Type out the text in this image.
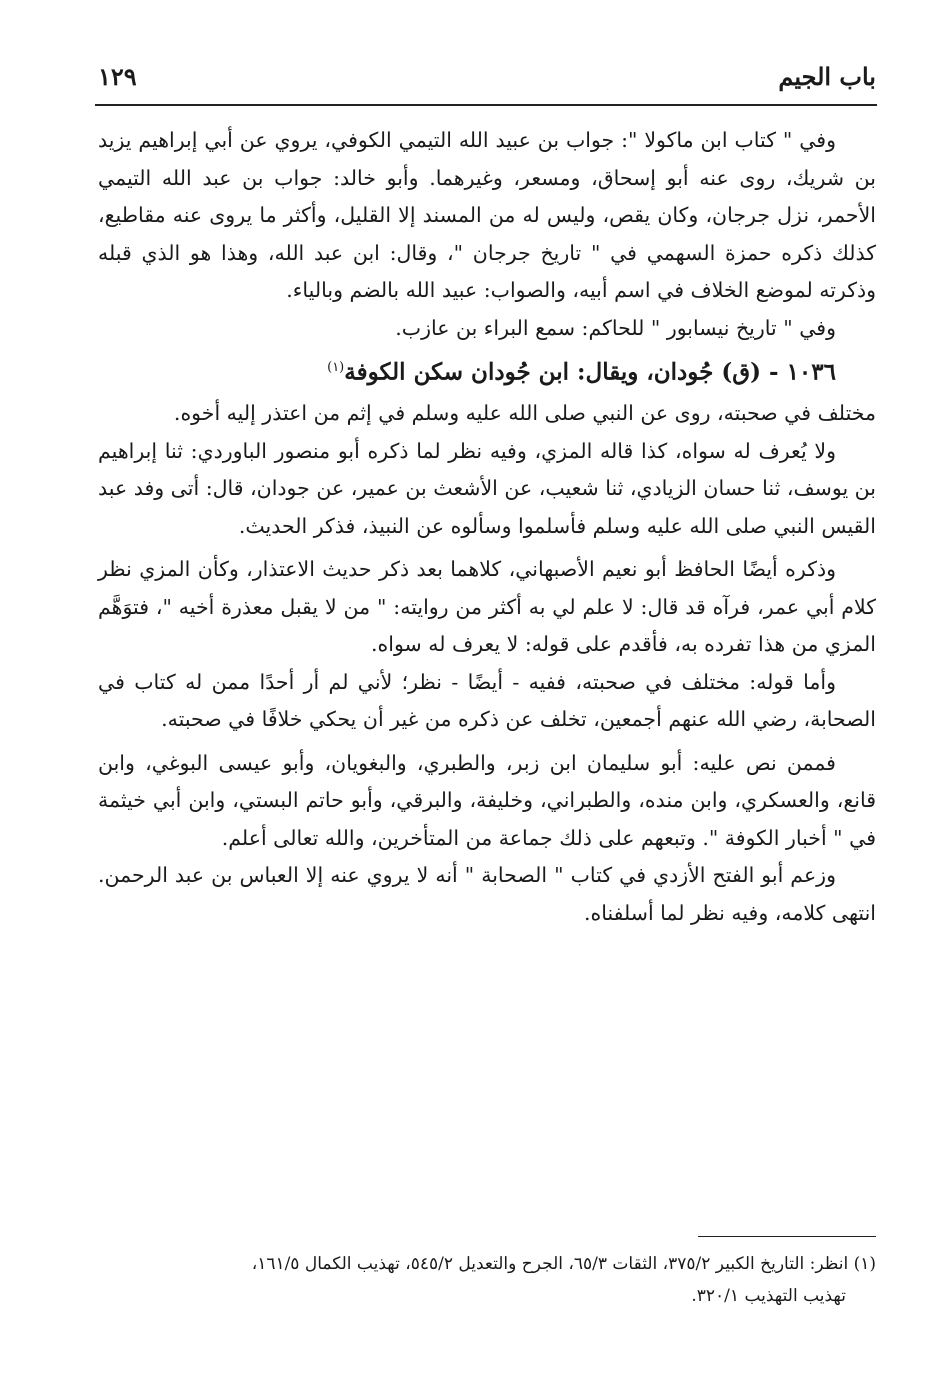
باب الجيم
١٢٩

وفي " كتاب ابن ماكولا ": جواب بن عبيد الله التيمي الكوفي، يروي عن أبي إبراهيم يزيد بن شريك، روى عنه أبو إسحاق، ومسعر، وغيرهما. وأبو خالد: جواب بن عبد الله التيمي الأحمر، نزل جرجان، وكان يقص، وليس له من المسند إلا القليل، وأكثر ما يروى عنه مقاطيع، كذلك ذكره حمزة السهمي في " تاريخ جرجان "، وقال: ابن عبد الله، وهذا هو الذي قبله وذكرته لموضع الخلاف في اسم أبيه، والصواب: عبيد الله بالضم وبالياء.

وفي " تاريخ نيسابور " للحاكم: سمع البراء بن عازب.

١٠٣٦ - (ق) جُودان، ويقال: ابن جُودان سكن الكوفة$^{(١)}$

مختلف في صحبته، روى عن النبي صلى الله عليه وسلم في إثم من اعتذر إليه أخوه.

ولا يُعرف له سواه، كذا قاله المزي، وفيه نظر لما ذكره أبو منصور الباوردي: ثنا إبراهيم بن يوسف، ثنا حسان الزيادي، ثنا شعيب، عن الأشعث بن عمير، عن جودان، قال: أتى وفد عبد القيس النبي صلى الله عليه وسلم فأسلموا وسألوه عن النبيذ، فذكر الحديث.

وذكره أيضًا الحافظ أبو نعيم الأصبهاني، كلاهما بعد ذكر حديث الاعتذار، وكأن المزي نظر كلام أبي عمر، فرآه قد قال: لا علم لي به أكثر من روايته: " من لا يقبل معذرة أخيه "، فتوَهَّم المزي من هذا تفرده به، فأقدم على قوله: لا يعرف له سواه.

وأما قوله: مختلف في صحبته، ففيه - أيضًا - نظر؛ لأني لم أر أحدًا ممن له كتاب في الصحابة، رضي الله عنهم أجمعين، تخلف عن ذكره من غير أن يحكي خلافًا في صحبته.

فممن نص عليه: أبو سليمان ابن زبر، والطبري، والبغويان، وأبو عيسى البوغي، وابن قانع، والعسكري، وابن منده، والطبراني، وخليفة، والبرقي، وأبو حاتم البستي، وابن أبي خيثمة في " أخبار الكوفة ". وتبعهم على ذلك جماعة من المتأخرين، والله تعالى أعلم.

وزعم أبو الفتح الأزدي في كتاب " الصحابة " أنه لا يروي عنه إلا العباس بن عبد الرحمن. انتهى كلامه، وفيه نظر لما أسلفناه.

(١) انظر: التاريخ الكبير ٣٧٥/٢، الثقات ٦٥/٣، الجرح والتعديل ٥٤٥/٢، تهذيب الكمال ١٦١/٥،

تهذيب التهذيب ٣٢٠/١.
